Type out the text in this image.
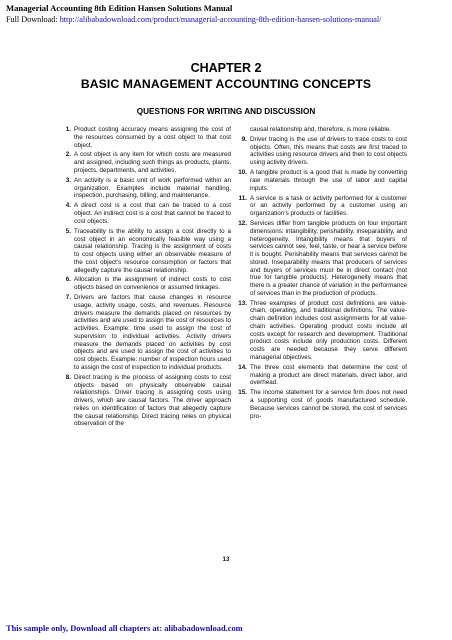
Managerial Accounting 8th Edition Hansen Solutions Manual
Full Download: http://alibabadownload.com/product/managerial-accounting-8th-edition-hansen-solutions-manual/
CHAPTER 2
BASIC MANAGEMENT ACCOUNTING CONCEPTS
QUESTIONS FOR WRITING AND DISCUSSION
1. Product costing accuracy means assigning the cost of the resources consumed by a cost object to that cost object.
2. A cost object is any item for which costs are measured and assigned, including such things as products, plants, projects, departments, and activities.
3. An activity is a basic unit of work performed within an organization. Examples include material handling, inspection, purchasing, billing, and maintenance.
4. A direct cost is a cost that can be traced to a cost object. An indirect cost is a cost that cannot be traced to cost objects.
5. Traceability is the ability to assign a cost directly to a cost object in an economically feasible way using a causal relationship. Tracing is the assignment of costs to cost objects using either an observable measure of the cost object’s resource consumption or factors that allegedly capture the causal relationship.
6. Allocation is the assignment of indirect costs to cost objects based on convenience or assumed linkages.
7. Drivers are factors that cause changes in resource usage, activity usage, costs, and revenues. Resource drivers measure the demands placed on resources by activities and are used to assign the cost of resources to activities. Example: time used to assign the cost of supervision to individual activities. Activity drivers measure the demands placed on activities by cost objects and are used to assign the cost of activities to cost objects. Example: number of inspection hours used to assign the cost of inspection to individual products.
8. Direct tracing is the process of assigning costs to cost objects based on physically observable causal relationships. Driver tracing is assigning costs using drivers, which are causal factors. The driver approach relies on identification of factors that allegedly capture the causal relationship. Direct tracing relies on physical observation of the
causal relationship and, therefore, is more reliable.
9. Driver tracing is the use of drivers to trace costs to cost objects. Often, this means that costs are first traced to activities using resource drivers and then to cost objects using activity drivers.
10. A tangible product is a good that is made by converting raw materials through the use of labor and capital inputs.
11. A service is a task or activity performed for a customer or an activity performed by a customer using an organization’s products or facilities.
12. Services differ from tangible products on four important dimensions: intangibility, perishability, inseparability, and heterogeneity. Intangibility means that buyers of services cannot see, feel, taste, or hear a service before it is bought. Perishability means that services cannot be stored. Inseparability means that producers of services and buyers of services must be in direct contact (not true for tangible products). Heterogeneity means that there is a greater chance of variation in the performance of services than in the production of products.
13. Three examples of product cost definitions are value-chain, operating, and traditional definitions. The value-chain definition includes cost assignments for all value-chain activities. Operating product costs include all costs except for research and development. Traditional product costs include only production costs. Different costs are needed because they serve different managerial objectives.
14. The three cost elements that determine the cost of making a product are direct materials, direct labor, and overhead.
15. The income statement for a service firm does not need a supporting cost of goods manufactured schedule. Because services cannot be stored, the cost of services pro-
13
This sample only, Download all chapters at: alibabadownload.com
